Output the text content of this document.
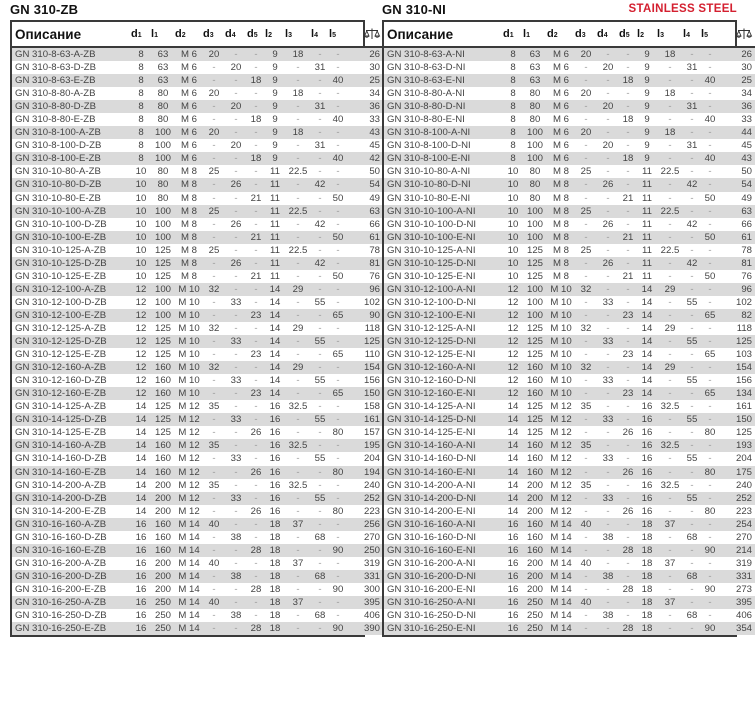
GN 310-ZB
Описание	d1	l1	d2	d3	d4	d5	l2	l3	l4	l5	
GN 310-8-63-A-ZB	8	63	M 6	20	-	-	9	18	-	-	26
GN 310-8-63-D-ZB	8	63	M 6	-	20	-	9	-	31	-	30
GN 310-8-63-E-ZB	8	63	M 6	-	-	18	9	-	-	40	25
GN 310-8-80-A-ZB	8	80	M 6	20	-	-	9	18	-	-	34
GN 310-8-80-D-ZB	8	80	M 6	-	20	-	9	-	31	-	36
GN 310-8-80-E-ZB	8	80	M 6	-	-	18	9	-	-	40	33
GN 310-8-100-A-ZB	8	100	M 6	20	-	-	9	18	-	-	43
GN 310-8-100-D-ZB	8	100	M 6	-	20	-	9	-	31	-	45
GN 310-8-100-E-ZB	8	100	M 6	-	-	18	9	-	-	40	42
GN 310-10-80-A-ZB	10	80	M 8	25	-	-	11	22.5	-	-	50
GN 310-10-80-D-ZB	10	80	M 8	-	26	-	11	-	42	-	54
GN 310-10-80-E-ZB	10	80	M 8	-	-	21	11	-	-	50	49
GN 310-10-100-A-ZB	10	100	M 8	25	-	-	11	22.5	-	-	63
GN 310-10-100-D-ZB	10	100	M 8	-	26	-	11	-	42	-	66
GN 310-10-100-E-ZB	10	100	M 8	-	-	21	11	-	-	50	61
GN 310-10-125-A-ZB	10	125	M 8	25	-	-	11	22.5	-	-	78
GN 310-10-125-D-ZB	10	125	M 8	-	26	-	11	-	42	-	81
GN 310-10-125-E-ZB	10	125	M 8	-	-	21	11	-	-	50	76
GN 310-12-100-A-ZB	12	100	M 10	32	-	-	14	29	-	-	96
GN 310-12-100-D-ZB	12	100	M 10	-	33	-	14	-	55	-	102
GN 310-12-100-E-ZB	12	100	M 10	-	-	23	14	-	-	65	90
GN 310-12-125-A-ZB	12	125	M 10	32	-	-	14	29	-	-	118
GN 310-12-125-D-ZB	12	125	M 10	-	33	-	14	-	55	-	125
GN 310-12-125-E-ZB	12	125	M 10	-	-	23	14	-	-	65	110
GN 310-12-160-A-ZB	12	160	M 10	32	-	-	14	29	-	-	154
GN 310-12-160-D-ZB	12	160	M 10	-	33	-	14	-	55	-	156
GN 310-12-160-E-ZB	12	160	M 10	-	-	23	14	-	-	65	150
GN 310-14-125-A-ZB	14	125	M 12	35	-	-	16	32.5	-	-	158
GN 310-14-125-D-ZB	14	125	M 12	-	33	-	16	-	55	-	161
GN 310-14-125-E-ZB	14	125	M 12	-	-	26	16	-	-	80	157
GN 310-14-160-A-ZB	14	160	M 12	35	-	-	16	32.5	-	-	195
GN 310-14-160-D-ZB	14	160	M 12	-	33	-	16	-	55	-	204
GN 310-14-160-E-ZB	14	160	M 12	-	-	26	16	-	-	80	194
GN 310-14-200-A-ZB	14	200	M 12	35	-	-	16	32.5	-	-	240
GN 310-14-200-D-ZB	14	200	M 12	-	33	-	16	-	55	-	252
GN 310-14-200-E-ZB	14	200	M 12	-	-	26	16	-	-	80	223
GN 310-16-160-A-ZB	16	160	M 14	40	-	-	18	37	-	-	256
GN 310-16-160-D-ZB	16	160	M 14	-	38	-	18	-	68	-	270
GN 310-16-160-E-ZB	16	160	M 14	-	-	28	18	-	-	90	250
GN 310-16-200-A-ZB	16	200	M 14	40	-	-	18	37	-	-	319
GN 310-16-200-D-ZB	16	200	M 14	-	38	-	18	-	68	-	331
GN 310-16-200-E-ZB	16	200	M 14	-	-	28	18	-	-	90	300
GN 310-16-250-A-ZB	16	250	M 14	40	-	-	18	37	-	-	395
GN 310-16-250-D-ZB	16	250	M 14	-	38	-	18	-	68	-	406
GN 310-16-250-E-ZB	16	250	M 14	-	-	28	18	-	-	90	390
GN 310-NI	STAINLESS STEEL
Описание	d1	l1	d2	d3	d4	d5	l2	l3	l4	l5	
GN 310-8-63-A-NI	8	63	M 6	20	-	-	9	18	-	-	26
GN 310-8-63-D-NI	8	63	M 6	-	20	-	9	-	31	-	30
GN 310-8-63-E-NI	8	63	M 6	-	-	18	9	-	-	40	25
GN 310-8-80-A-NI	8	80	M 6	20	-	-	9	18	-	-	34
GN 310-8-80-D-NI	8	80	M 6	-	20	-	9	-	31	-	36
GN 310-8-80-E-NI	8	80	M 6	-	-	18	9	-	-	40	33
GN 310-8-100-A-NI	8	100	M 6	20	-	-	9	18	-	-	44
GN 310-8-100-D-NI	8	100	M 6	-	20	-	9	-	31	-	45
GN 310-8-100-E-NI	8	100	M 6	-	-	18	9	-	-	40	43
GN 310-10-80-A-NI	10	80	M 8	25	-	-	11	22.5	-	-	50
GN 310-10-80-D-NI	10	80	M 8	-	26	-	11	-	42	-	54
GN 310-10-80-E-NI	10	80	M 8	-	-	21	11	-	-	50	49
GN 310-10-100-A-NI	10	100	M 8	25	-	-	11	22.5	-	-	63
GN 310-10-100-D-NI	10	100	M 8	-	26	-	11	-	42	-	66
GN 310-10-100-E-NI	10	100	M 8	-	-	21	11	-	-	50	61
GN 310-10-125-A-NI	10	125	M 8	25	-	-	11	22.5	-	-	78
GN 310-10-125-D-NI	10	125	M 8	-	26	-	11	-	42	-	81
GN 310-10-125-E-NI	10	125	M 8	-	-	21	11	-	-	50	76
GN 310-12-100-A-NI	12	100	M 10	32	-	-	14	29	-	-	96
GN 310-12-100-D-NI	12	100	M 10	-	33	-	14	-	55	-	102
GN 310-12-100-E-NI	12	100	M 10	-	-	23	14	-	-	65	82
GN 310-12-125-A-NI	12	125	M 10	32	-	-	14	29	-	-	118
GN 310-12-125-D-NI	12	125	M 10	-	33	-	14	-	55	-	125
GN 310-12-125-E-NI	12	125	M 10	-	-	23	14	-	-	65	103
GN 310-12-160-A-NI	12	160	M 10	32	-	-	14	29	-	-	154
GN 310-12-160-D-NI	12	160	M 10	-	33	-	14	-	55	-	156
GN 310-12-160-E-NI	12	160	M 10	-	-	23	14	-	-	65	134
GN 310-14-125-A-NI	14	125	M 12	35	-	-	16	32.5	-	-	161
GN 310-14-125-D-NI	14	125	M 12	-	33	-	16	-	55	-	150
GN 310-14-125-E-NI	14	125	M 12	-	-	26	16	-	-	80	125
GN 310-14-160-A-NI	14	160	M 12	35	-	-	16	32.5	-	-	193
GN 310-14-160-D-NI	14	160	M 12	-	33	-	16	-	55	-	204
GN 310-14-160-E-NI	14	160	M 12	-	-	26	16	-	-	80	175
GN 310-14-200-A-NI	14	200	M 12	35	-	-	16	32.5	-	-	240
GN 310-14-200-D-NI	14	200	M 12	-	33	-	16	-	55	-	252
GN 310-14-200-E-NI	14	200	M 12	-	-	26	16	-	-	80	223
GN 310-16-160-A-NI	16	160	M 14	40	-	-	18	37	-	-	254
GN 310-16-160-D-NI	16	160	M 14	-	38	-	18	-	68	-	270
GN 310-16-160-E-NI	16	160	M 14	-	-	28	18	-	-	90	214
GN 310-16-200-A-NI	16	200	M 14	40	-	-	18	37	-	-	319
GN 310-16-200-D-NI	16	200	M 14	-	38	-	18	-	68	-	331
GN 310-16-200-E-NI	16	200	M 14	-	-	28	18	-	-	90	273
GN 310-16-250-A-NI	16	250	M 14	40	-	-	18	37	-	-	395
GN 310-16-250-D-NI	16	250	M 14	-	38	-	18	-	68	-	406
GN 310-16-250-E-NI	16	250	M 14	-	-	28	18	-	-	90	354
